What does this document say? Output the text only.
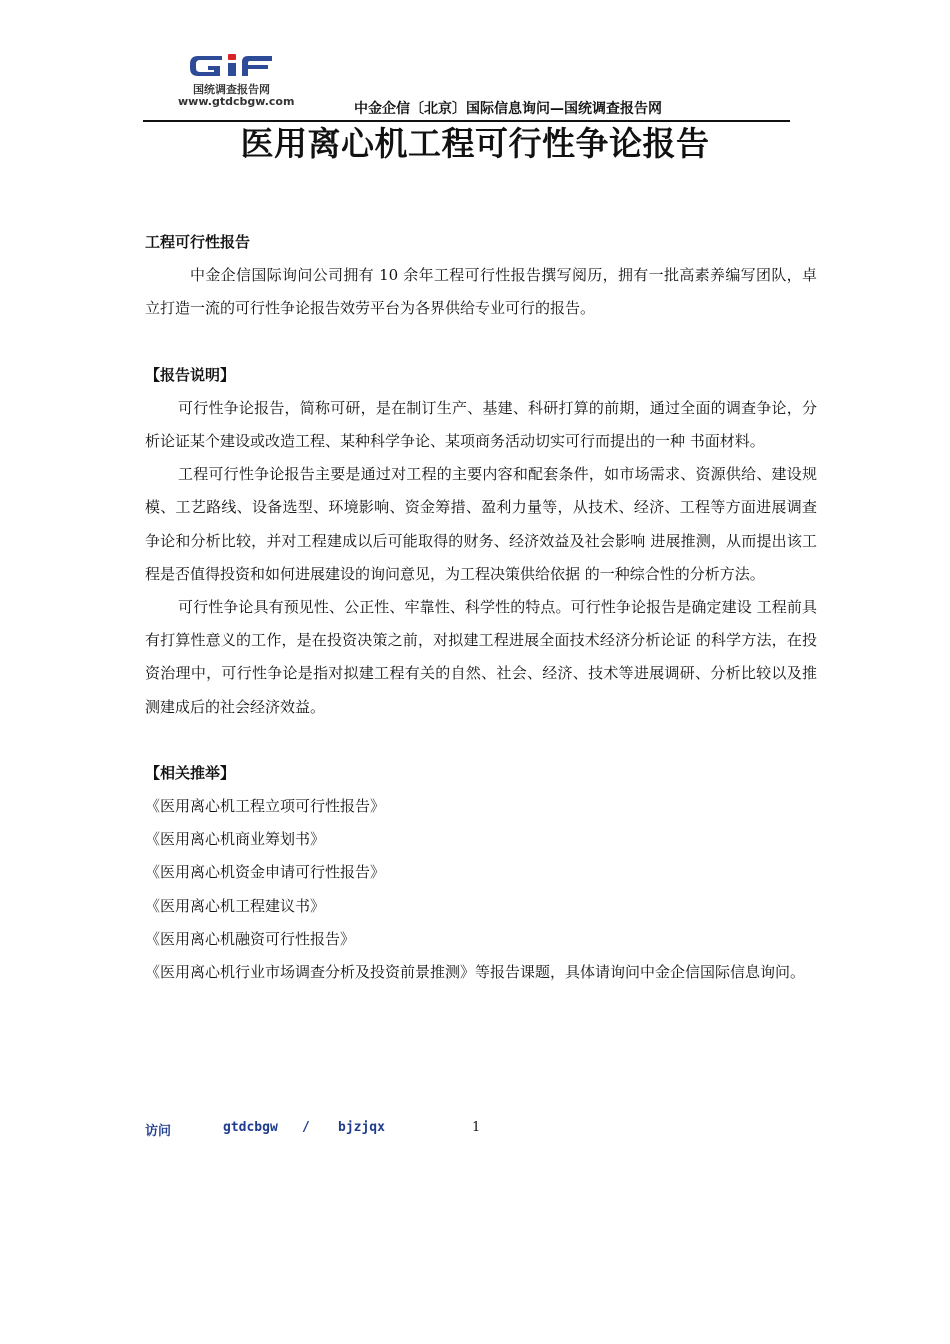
国统调查报告网
www.gtdcbgw.com	中金企信〔北京〕国际信息询问—国统调查报告网
医用离心机工程可行性争论报告
工程可行性报告

中金企信国际询问公司拥有 10 余年工程可行性报告撰写阅历，拥有一批高素养编写团队，卓立打造一流的可行性争论报告效劳平台为各界供给专业可行的报告。

【报告说明】

可行性争论报告，简称可研，是在制订生产、基建、科研打算的前期，通过全面的调查争论，分析论证某个建设或改造工程、某种科学争论、某项商务活动切实可行而提出的一种 书面材料。

工程可行性争论报告主要是通过对工程的主要内容和配套条件，如市场需求、资源供给、建设规模、工艺路线、设备选型、环境影响、资金筹措、盈利力量等，从技术、经济、工程等方面进展调查争论和分析比较，并对工程建成以后可能取得的财务、经济效益及社会影响 进展推测，从而提出该工程是否值得投资和如何进展建设的询问意见，为工程决策供给依据 的一种综合性的分析方法。

可行性争论具有预见性、公正性、牢靠性、科学性的特点。可行性争论报告是确定建设 工程前具有打算性意义的工作，是在投资决策之前，对拟建工程进展全面技术经济分析论证 的科学方法，在投资治理中，可行性争论是指对拟建工程有关的自然、社会、经济、技术等进展调研、分析比较以及推测建成后的社会经济效益。

【相关推举】
《医用离心机工程立项可行性报告》
《医用离心机商业筹划书》
《医用离心机资金申请可行性报告》
《医用离心机工程建议书》
《医用离心机融资可行性报告》
《医用离心机行业市场调查分析及投资前景推测》等报告课题，具体请询问中金企信国际信息询问。
访问	gtdcbgw / bjzjqx	1
